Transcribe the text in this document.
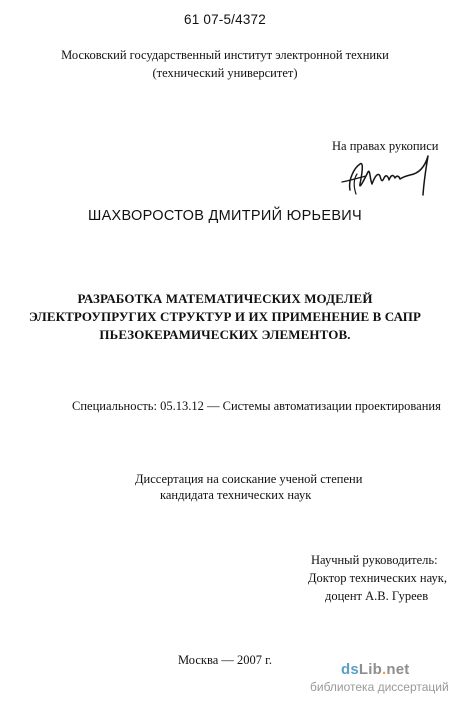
61 07-5/4372
Московский государственный институт электронной техники
(технический университет)
На правах рукописи
ШАХВОРОСТОВ ДМИТРИЙ ЮРЬЕВИЧ
РАЗРАБОТКА МАТЕМАТИЧЕСКИХ МОДЕЛЕЙ
ЭЛЕКТРОУПРУГИХ СТРУКТУР И ИХ ПРИМЕНЕНИЕ В САПР
ПЬЕЗОКЕРАМИЧЕСКИХ ЭЛЕМЕНТОВ.
Специальность: 05.13.12 — Системы автоматизации проектирования
Диссертация на соискание ученой степени
кандидата технических наук
Научный руководитель:
Доктор технических наук,
доцент А.В. Гуреев
Москва — 2007 г.
dsLib.net
библиотека диссертаций
